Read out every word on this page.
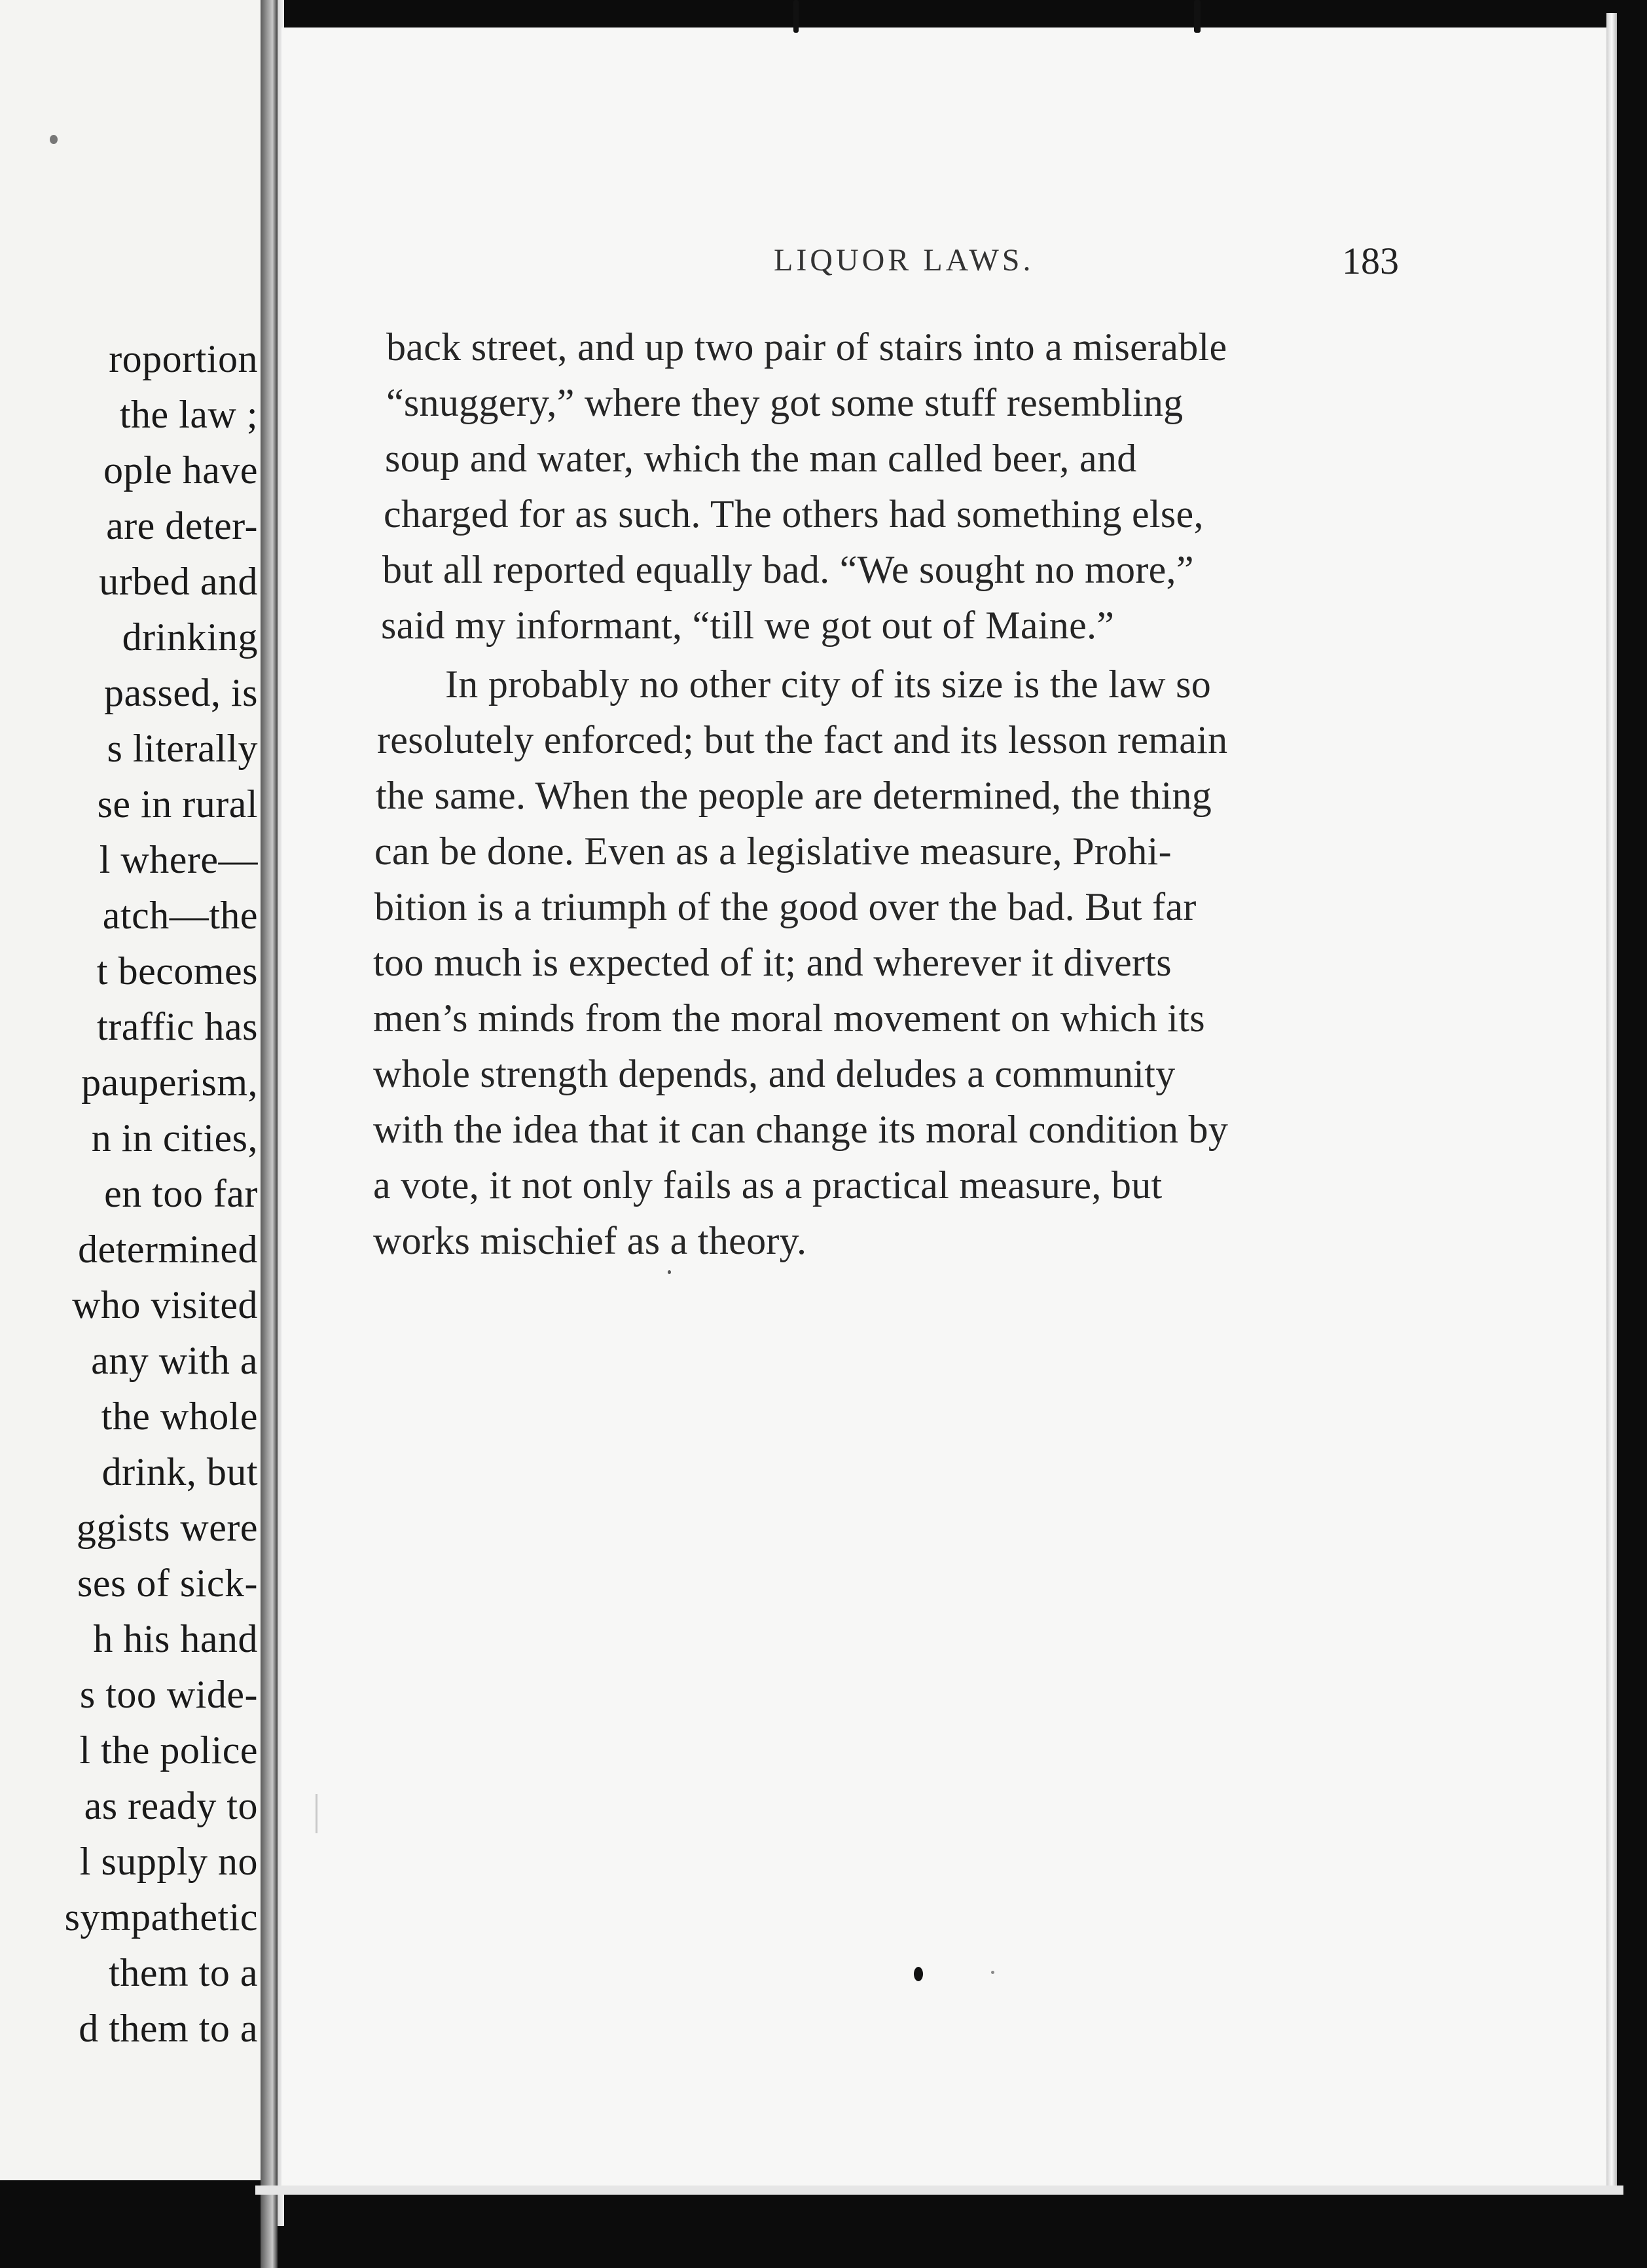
roportion
the law ;
ople have
are deter-
urbed and
drinking
passed, is
s literally
se in rural
l where—
atch—the
t becomes
traffic has
pauperism,
n in cities,
en too far
determined
who visited
any with a
the whole
drink, but
ggists were
ses of sick-
h his hand
s too wide-
l the police
as ready to
l supply no
sympathetic
them to a
d them to a
LIQUOR LAWS.	183
back street, and up two pair of stairs into a miserable
“snuggery,” where they got some stuff resembling
soup and water, which the man called beer, and
charged for as such. The others had something else,
but all reported equally bad. “We sought no more,”
said my informant, “till we got out of Maine.”
In probably no other city of its size is the law so
resolutely enforced; but the fact and its lesson remain
the same. When the people are determined, the thing
can be done. Even as a legislative measure, Prohi-
bition is a triumph of the good over the bad. But far
too much is expected of it; and wherever it diverts
men’s minds from the moral movement on which its
whole strength depends, and deludes a community
with the idea that it can change its moral condition by
a vote, it not only fails as a practical measure, but
works mischief as a theory.
